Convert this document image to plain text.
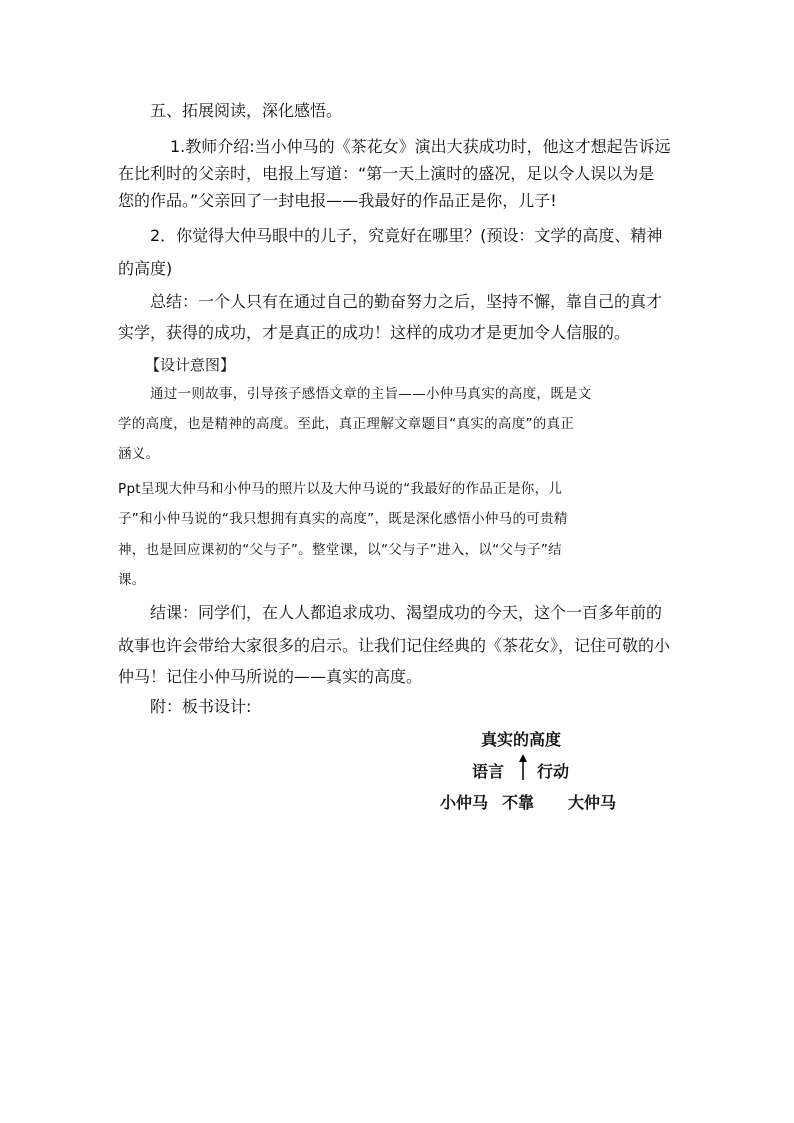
五、拓展阅读，深化感悟。
1.教师介绍:当小仲马的《茶花女》演出大获成功时，他这才想起告诉远
在比利时的父亲时，电报上写道：“第一天上演时的盛况，足以令人误以为是
您的作品。”父亲回了一封电报——我最好的作品正是你，儿子!
2．你觉得大仲马眼中的儿子，究竟好在哪里？(预设：文学的高度、精神
的高度)
总结：一个人只有在通过自己的勤奋努力之后，坚持不懈，靠自己的真才
实学，获得的成功，才是真正的成功！这样的成功才是更加令人信服的。
【设计意图】
通过一则故事，引导孩子感悟文章的主旨——小仲马真实的高度，既是文
学的高度，也是精神的高度。至此，真正理解文章题目“真实的高度”的真正
涵义。
Ppt呈现大仲马和小仲马的照片以及大仲马说的“我最好的作品正是你，儿
子”和小仲马说的“我只想拥有真实的高度”，既是深化感悟小仲马的可贵精
神，也是回应课初的“父与子”。整堂课，以“父与子”进入，以“父与子”结
课。
结课：同学们，在人人都追求成功、渴望成功的今天，这个一百多年前的
故事也许会带给大家很多的启示。让我们记住经典的《茶花女》，记住可敬的小
仲马！记住小仲马所说的——真实的高度。
附：板书设计:
真实的高度
语言 行动
小仲马 不靠 大仲马
